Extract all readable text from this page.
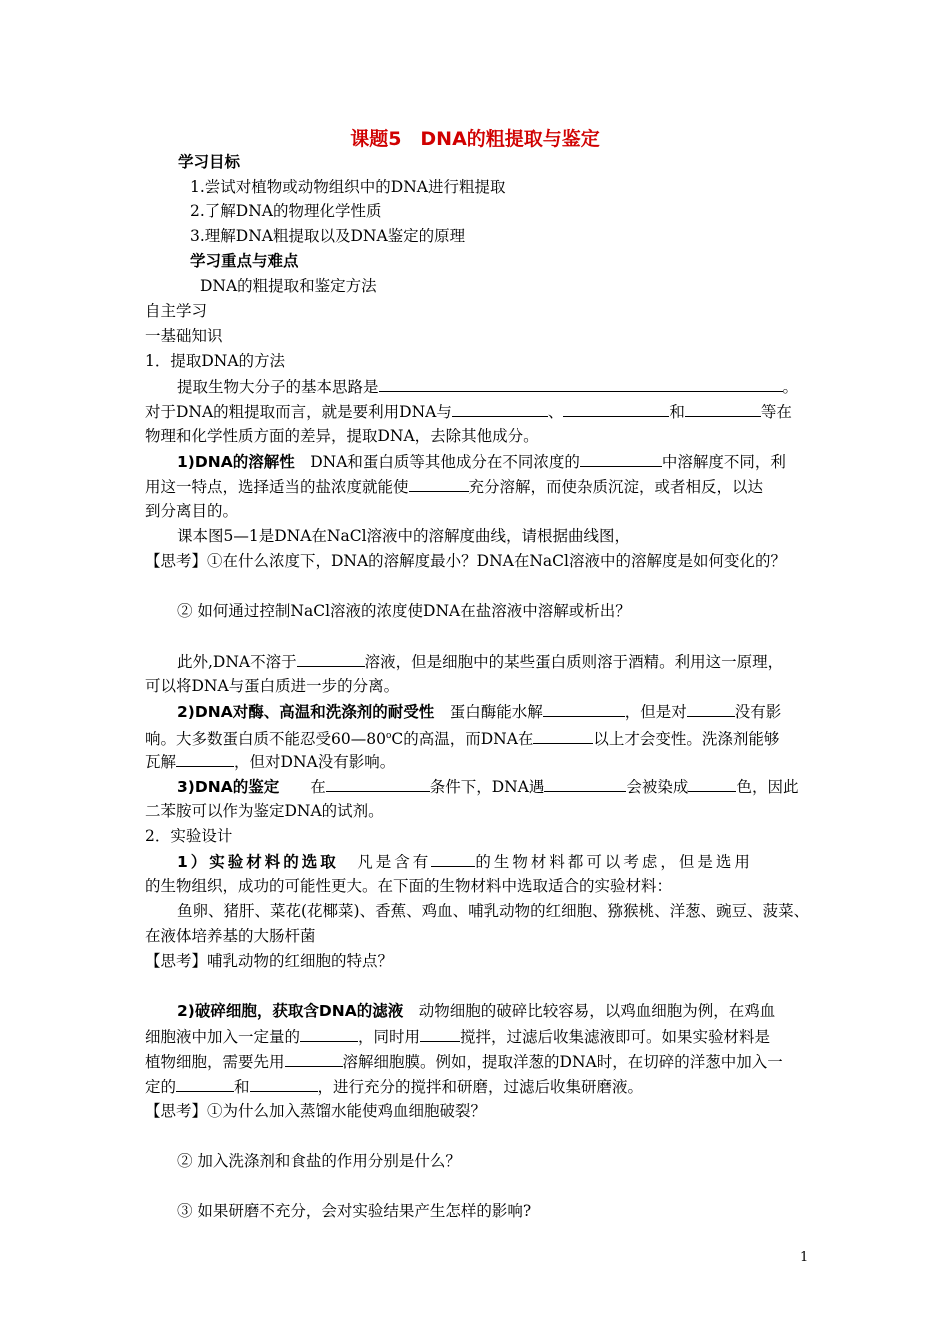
课题5　DNA的粗提取与鉴定
学习目标
1.尝试对植物或动物组织中的DNA进行粗提取
2.了解DNA的物理化学性质
3.理解DNA粗提取以及DNA鉴定的原理
学习重点与难点
DNA的粗提取和鉴定方法
自主学习
一基础知识
1．提取DNA的方法
提取生物大分子的基本思路是	。
对于DNA的粗提取而言，就是要利用DNA与	、	和	等在
物理和化学性质方面的差异，提取DNA，去除其他成分。
1)DNA的溶解性　DNA和蛋白质等其他成分在不同浓度的	中溶解度不同，利
用这一特点，选择适当的盐浓度就能使	充分溶解，而使杂质沉淀，或者相反，以达
到分离目的。
课本图5—1是DNA在NaCl溶液中的溶解度曲线，请根据曲线图，
【思考】①在什么浓度下，DNA的溶解度最小？DNA在NaCl溶液中的溶解度是如何变化的？
② 如何通过控制NaCl溶液的浓度使DNA在盐溶液中溶解或析出？
此外,DNA不溶于	溶液，但是细胞中的某些蛋白质则溶于酒精。利用这一原理，
可以将DNA与蛋白质进一步的分离。
2)DNA对酶、高温和洗涤剂的耐受性　蛋白酶能水解	，但是对	没有影
响。大多数蛋白质不能忍受60—80$^o$C的高温，而DNA在	以上才会变性。洗涤剂能够
瓦解	，但对DNA没有影响。
3)DNA的鉴定　　在	条件下，DNA遇	会被染成	色，因此
二苯胺可以作为鉴定DNA的试剂。
2．实验设计
1）实验材料的选取　凡是含有	的生物材料都可以考虑，但是选用
的生物组织，成功的可能性更大。在下面的生物材料中选取适合的实验材料：
鱼卵、猪肝、菜花(花椰菜)、香蕉、鸡血、哺乳动物的红细胞、猕猴桃、洋葱、豌豆、菠菜、
在液体培养基的大肠杆菌
【思考】哺乳动物的红细胞的特点？
2)破碎细胞，获取含DNA的滤液　动物细胞的破碎比较容易，以鸡血细胞为例，在鸡血
细胞液中加入一定量的	，同时用	搅拌，过滤后收集滤液即可。如果实验材料是
植物细胞，需要先用	溶解细胞膜。例如，提取洋葱的DNA时，在切碎的洋葱中加入一
定的	和	，进行充分的搅拌和研磨，过滤后收集研磨液。
【思考】①为什么加入蒸馏水能使鸡血细胞破裂？
② 加入洗涤剂和食盐的作用分别是什么？
③ 如果研磨不充分，会对实验结果产生怎样的影响?
1
